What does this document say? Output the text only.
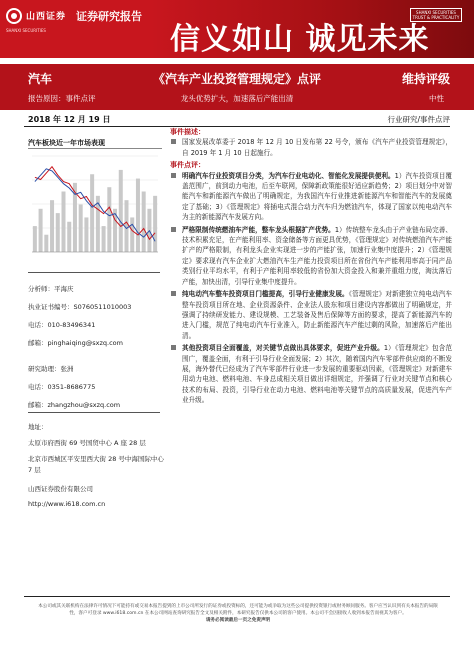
山西证券
SHANXI SECURITIES
证券研究报告
信义如山 诚见未来
SHANXI SECURITIES
TRUST & PRACTICALITY
《汽车产业投资管理规定》点评
汽车	维持评级
龙头优势扩大，加速落后产能出清
报告原因：事件点评	中性
2018 年 12 月 19 日	行业研究/事件点评
汽车板块近一年市场表现
分析师：平海庆
执业证书编号：S0760511010003
电话：010-83496341
邮箱：pinghaiqing@sxzq.com
研究助理：张洲
电话：0351-8686775
邮箱：zhangzhou@sxzq.com
地址：
太原市府西街 69 号国贸中心 A 座 28 层
北京市西城区平安里西大街 28 号中海国际中心 7 层
山西证券股份有限公司
http://www.i618.com.cn

事件描述：

国家发展改革委于 2018 年 12 月 10 日发布第 22 号令，颁布《汽车产业投资管理规定》，自 2019 年 1 月 10 日起施行。

事件点评：

明确汽车行业投资项目分类，为汽车行业电动化、智能化发展提供便利。1）汽车投资项目覆盖范围广，前到动力电池，后至车联网，保障新政策能很好适应新趋势；2）项目划分中对智能汽车和新能源汽车做出了明确规定，为我国汽车行业推进新能源汽车和智能汽车的发展奠定了基础；3）《管理规定》将插电式混合动力汽车归为燃油汽车，体现了国家以纯电动汽车为主的新能源汽车发展方向。
严格限制传统燃油车产能，整车龙头根据扩产优势。1）传统整车龙头由于产业链布局完善、技术积累充足，在产能利用率、资金储备等方面更具优势，《管理规定》对传统燃油汽车产能扩产的严格限制，有利龙头企业实现进一步的产能扩张，加速行业集中度提升；2）《管理规定》要求现有汽车企业扩大燃油汽车生产能力投资项目所在省份汽车产能利用率高于同产品类别行业平均水平，有利于产能利用率较低的省份加大资金投入和兼并重组力度，淘汰落后产能，加快出清，引导行业集中度提升。
纯电动汽车整车投资项目门槛提高，引导行业健康发展。《管理规定》对新建独立纯电动汽车整车投资项目所在地、企业资源条件、企业法人股东和项目建设内容都做出了明确规定，并强调了持续研发能力、建设规模、工艺装备及售后保障等方面的要求，提高了新能源汽车的进入门槛，规范了纯电动汽车行业准入，防止新能源汽车产能过剩的风险，加速落后产能出清。
其他投资项目全面覆盖，对关键节点做出具体要求，促进产业升级。1）《管理规定》包含范围广，覆盖全面，有利于引导行业全面发展；2）其次，随着国内汽车零部件供应商的不断发展，海外替代已经成为了汽车零部件行业进一步发展的重要驱动因素，《管理规定》对新建车用动力电池、燃料电池、车身总成相关项目做出详细规定，并强调了行业对关键节点和核心技术的布局、投资，引导行业在动力电池、燃料电池等关键节点的高质量发展，促进汽车产业升级。
本公司或其关联机构在法律许可情况下可能持有或交易本报告提到的上市公司所发行的证券或投资标的，还可能为或争取为这些公司提供投资银行或财务顾问服务。客户应当认识到有关本报告的局限性，客户可登录 www.i618.com.cn 在本公司网站查询研究报告全文及相关附件，本研究报告仅供本公司的客户使用。本公司不会因接收人收到本报告而视其为客户。
请务必阅读最后一页之免责声明
